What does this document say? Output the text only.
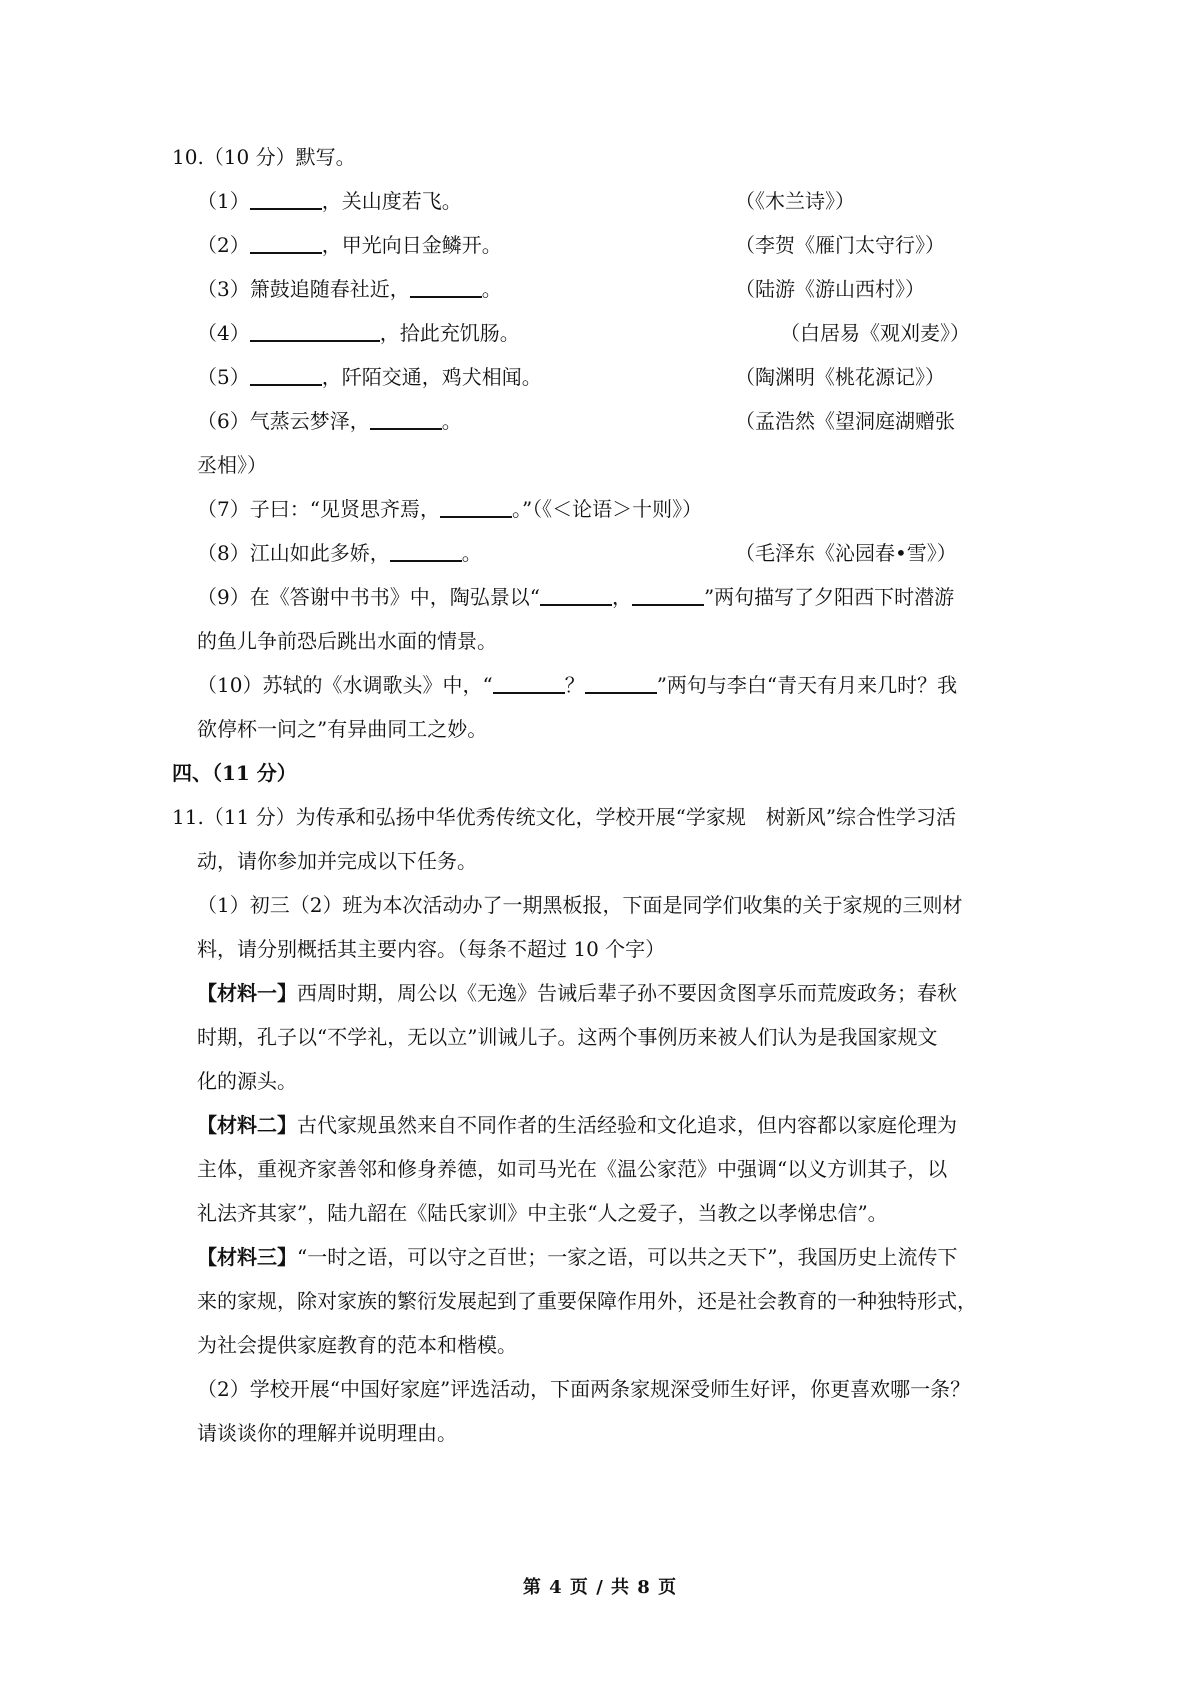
10.（10 分）默写。
（1）	，关山度若飞。	（《木兰诗》）
（2）	，甲光向日金鳞开。	（李贺《雁门太守行》）
（3）箫鼓追随春社近，	。	（陆游《游山西村》）
（4）	，拾此充饥肠。	（白居易《观刈麦》）
（5）	，阡陌交通，鸡犬相闻。	（陶渊明《桃花源记》）
（6）气蒸云梦泽，	。	（孟浩然《望洞庭湖赠张
丞相》）
（7）子曰：“见贤思齐焉，	。”（《＜论语＞十则》）
（8）江山如此多娇，	。	（毛泽东《沁园春•雪》）
（9）在《答谢中书书》中，陶弘景以“	，	”两句描写了夕阳西下时潜游
的鱼儿争前恐后跳出水面的情景。
（10）苏轼的《水调歌头》中，“	？	”两句与李白“青天有月来几时？我
欲停杯一问之”有异曲同工之妙。
四、（11 分）
11.（11 分）为传承和弘扬中华优秀传统文化，学校开展“学家规　树新风”综合性学习活
动，请你参加并完成以下任务。
（1）初三（2）班为本次活动办了一期黑板报，下面是同学们收集的关于家规的三则材
料，请分别概括其主要内容。（每条不超过 10 个字）
【材料一】西周时期，周公以《无逸》告诫后辈子孙不要因贪图享乐而荒废政务；春秋
时期，孔子以“不学礼，无以立”训诫儿子。这两个事例历来被人们认为是我国家规文
化的源头。
【材料二】古代家规虽然来自不同作者的生活经验和文化追求，但内容都以家庭伦理为
主体，重视齐家善邻和修身养德，如司马光在《温公家范》中强调“以义方训其子，以
礼法齐其家”，陆九韶在《陆氏家训》中主张“人之爱子，当教之以孝悌忠信”。
【材料三】“一时之语，可以守之百世；一家之语，可以共之天下”，我国历史上流传下
来的家规，除对家族的繁衍发展起到了重要保障作用外，还是社会教育的一种独特形式，
为社会提供家庭教育的范本和楷模。
（2）学校开展“中国好家庭”评选活动，下面两条家规深受师生好评，你更喜欢哪一条？
请谈谈你的理解并说明理由。
第 4 页 / 共 8 页
